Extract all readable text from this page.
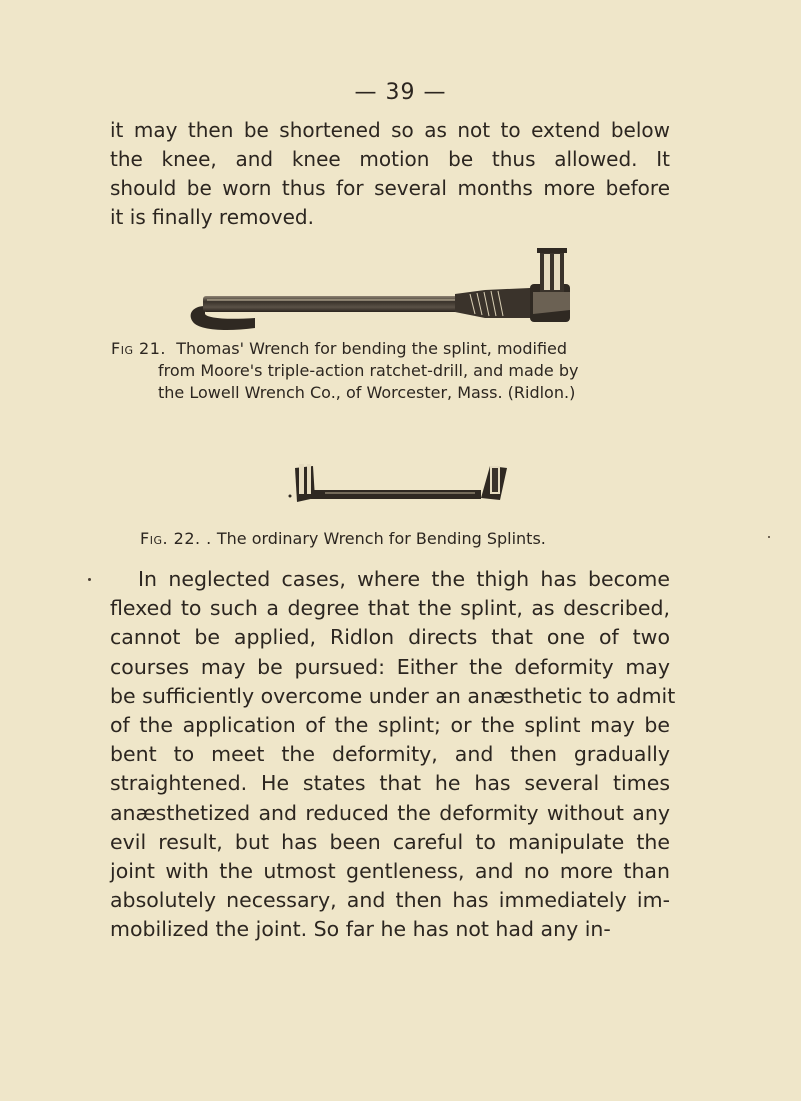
— 39 —

it may then be shortened so as not to extend below
the knee, and knee motion be thus allowed. It
should be worn thus for several months more before
it is finally removed.

Fig 21. Thomas' Wrench for bending the splint, modified
from Moore's triple-action ratchet-drill, and made by
the Lowell Wrench Co., of Worcester, Mass. (Ridlon.)

Fig. 22. . The ordinary Wrench for Bending Splints.

In neglected cases, where the thigh has become
flexed to such a degree that the splint, as described,
cannot be applied, Ridlon directs that one of two
courses may be pursued: Either the deformity may
be sufficiently overcome under an anæsthetic to admit
of the application of the splint; or the splint may be
bent to meet the deformity, and then gradually
straightened. He states that he has several times
anæsthetized and reduced the deformity without any
evil result, but has been careful to manipulate the
joint with the utmost gentleness, and no more than
absolutely necessary, and then has immediately im-
mobilized the joint. So far he has not had any in-
